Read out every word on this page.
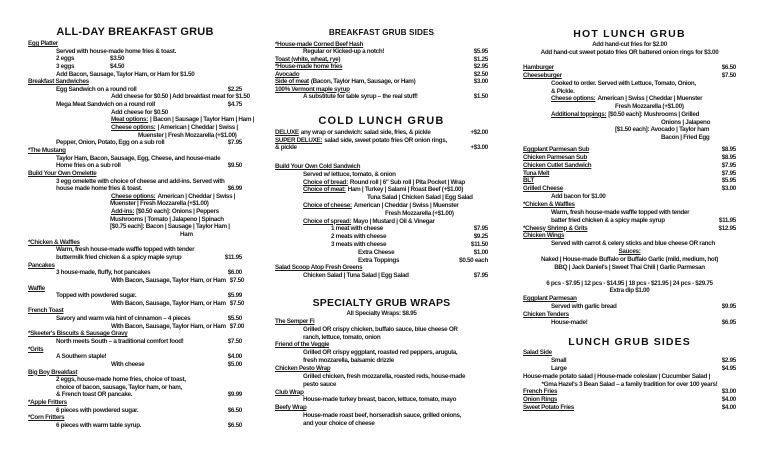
ALL-DAY BREAKFAST GRUB
Egg Platter
Served with house-made home fries & toast.
2 eggs	$3.50
3 eggs	$4.50
Add Bacon, Sausage, Taylor Ham, or Ham for $1.50
Breakfast Sandwiches
Egg Sandwich on a round roll	$2.25
Add cheese for $0.50 | Add breakfast meat for $1.50
Mega Meat Sandwich on a round roll	$4.75
Add cheese for $0.50
Meat options: | Bacon | Sausage | Taylor Ham | Ham |
Cheese options: | American | Cheddar | Swiss |
Muenster | Fresh Mozzarella (+$1.00)
Pepper, Onion, Potato, Egg on a sub roll	$7.95
*The Mustang
Taylor Ham, Bacon, Sausage, Egg, Cheese, and house-made
Home fries on a sub roll	$9.50
Build Your Own Omelette
3 egg omelette with choice of cheese and add-ins. Served with
house made home fries & toast.	$6.99
Cheese options: American | Cheddar | Swiss |
Muenster | Fresh Mozzarella (+$1.00)
Add-ins: [$0.50 each]: Onions | Peppers
Mushrooms | Tomato | Jalapeno | Spinach
[$0.75 each]: Bacon | Sausage | Taylor Ham |
Ham
*Chicken & Waffles
Warm, fresh house-made waffle topped with tender
buttermilk fried chicken & a spicy maple syrup	$11.95
Pancakes
3 house-made, fluffy, hot pancakes	$6.00
With Bacon, Sausage, Taylor Ham, or Ham $7.50
Waffle
Topped with powdered sugar.	$5.99
With Bacon, Sausage, Taylor Ham, or Ham $7.50
French Toast
Savory and warm w/a hint of cinnamon – 4 pieces	$5.50
With Bacon, Sausage, Taylor Ham, or Ham $7.00
*Skeeter's Biscuits & Sausage Gravy
North meets South – a traditional comfort food!	$7.50
*Grits
A Southern staple!	$4.00
With cheese	$5.00
Big Boy Breakfast
2 eggs, house-made home fries, choice of toast,
choice of bacon, sausage, Taylor ham, or ham,
& French toast OR pancake.	$9.99
*Apple Fritters
6 pieces with powdered sugar.	$6.50
*Corn Fritters
6 pieces with warm table syrup.	$6.50
BREAKFAST GRUB SIDES
*House-made Corned Beef Hash
Regular or Kicked-up a notch!	$5.95
Toast (white, wheat, rye)	$1.25
*House-made home fries	$2.95
Avocado	$2.50
Side of meat (Bacon, Taylor Ham, Sausage, or Ham)	$3.00
100% Vermont maple syrup
A substitute for table syrup – the real stuff!	$1.50
COLD LUNCH GRUB
DELUXE any wrap or sandwich: salad side, fries, & pickle	+$2.00
SUPER DELUXE: salad side, sweet potato fries OR onion rings,
& pickle	+$3.00
Build Your Own Cold Sandwich
Served w/ lettuce, tomato, & onion
Choice of bread: Round roll | 6" Sub roll | Pita Pocket | Wrap
Choice of meat: Ham | Turkey | Salami | Roast Beef (+$1.00)
Tuna Salad | Chicken Salad | Egg Salad
Choice of cheese: American | Cheddar | Swiss | Muenster
Fresh Mozzarella (+$1.00)
Choice of spread: Mayo | Mustard | Oil & Vinegar
1 meat with cheese	$7.95
2 meats with cheese	$9.25
3 meats with cheese	$11.50
Extra Cheese	$1.00
Extra Toppings	$0.50 each
Salad Scoop Atop Fresh Greens
Chicken Salad | Tuna Salad | Egg Salad	$7.95
SPECIALTY GRUB WRAPS
All Specialty Wraps: $8.95
The Semper Fi
Grilled OR crispy chicken, buffalo sauce, blue cheese OR
ranch, lettuce, tomato, onion
Friend of the Veggie
Grilled OR crispy eggplant, roasted red peppers, arugula,
fresh mozzarella, balsamic drizzle
Chicken Pesto Wrap
Grilled chicken, fresh mozzarella, roasted reds, house-made
pesto sauce
Club Wrap
House-made turkey breast, bacon, lettuce, tomato, mayo
Beefy Wrap
House-made roast beef, horseradish sauce, grilled onions,
and your choice of cheese
HOT LUNCH GRUB
Add hand-cut fries for $2.00
Add hand-cut sweet potato fries OR battered onion rings for $3.00
Hamburger	$6.50
Cheeseburger	$7.50
Cooked to order. Served with Lettuce, Tomato, Onion,
& Pickle.
Cheese options: American | Swiss | Cheddar | Muenster
Fresh Mozzarella (+$1.00)
Additional toppings: [$0.50 each]: Mushrooms | Grilled
Onions | Jalapeno
[$1.50 each]: Avocado | Taylor ham
Bacon | Fried Egg
Eggplant Parmesan Sub	$8.95
Chicken Parmesan Sub	$8.95
Chicken Cutlet Sandwich	$7.95
Tuna Melt	$7.95
BLT	$5.95
Grilled Cheese	$3.00
Add bacon for $1.00
*Chicken & Waffles
Warm, fresh house-made waffle topped with tender
batter fried chicken & a spicy maple syrup	$11.95
*Cheesy Shrimp & Grits	$12.95
Chicken Wings
Served with carrot & celery sticks and blue cheese OR ranch
Sauces:
Naked | House-made Buffalo or Buffalo Garlic (mild, medium, hot)
BBQ | Jack Daniel's | Sweet Thai Chili | Garlic Parmesan
6 pcs - $7.95 | 12 pcs - $14.95 | 18 pcs - $21.95 | 24 pcs - $29.75
Extra dip $1.00
Eggplant Parmesan
Served with garlic bread	$9.95
Chicken Tenders
House-made!	$6.95
LUNCH GRUB SIDES
Salad Side
Small	$2.95
Large	$4.95
House-made potato salad | House-made coleslaw | Cucumber Salad |
*Gma Hazel's 3 Bean Salad – a family tradition for over 100 years!
French Fries	$3.00
Onion Rings	$4.00
Sweet Potato Fries	$4.00
